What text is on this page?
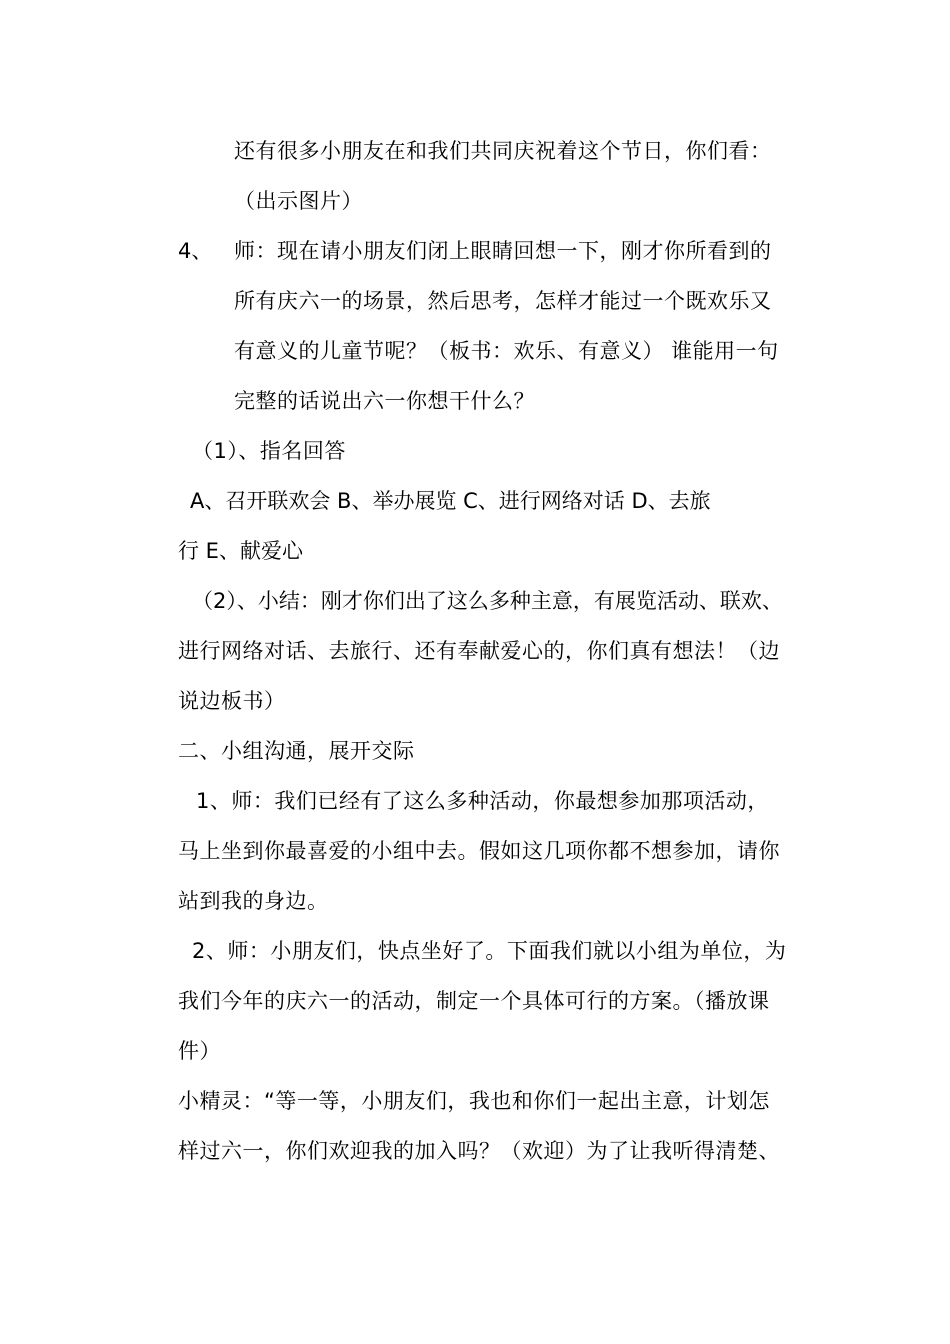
还有很多小朋友在和我们共同庆祝着这个节日，你们看：
（出示图片）
4、 师：现在请小朋友们闭上眼睛回想一下，刚才你所看到的
所有庆六一的场景，然后思考，怎样才能过一个既欢乐又
有意义的儿童节呢？（板书：欢乐、有意义） 谁能用一句
完整的话说出六一你想干什么？
（1）、指名回答
A、召开联欢会 B、举办展览 C、进行网络对话 D、去旅
行 E、献爱心
（2）、小结：刚才你们出了这么多种主意，有展览活动、联欢、
进行网络对话、去旅行、还有奉献爱心的，你们真有想法！（边
说边板书）
二、小组沟通，展开交际
1、师：我们已经有了这么多种活动，你最想参加那项活动，
马上坐到你最喜爱的小组中去。假如这几项你都不想参加，请你
站到我的身边。
2、师：小朋友们，快点坐好了。下面我们就以小组为单位，为
我们今年的庆六一的活动，制定一个具体可行的方案。（播放课
件）
小精灵：“等一等，小朋友们，我也和你们一起出主意，计划怎
样过六一，你们欢迎我的加入吗？（欢迎）为了让我听得清楚、
